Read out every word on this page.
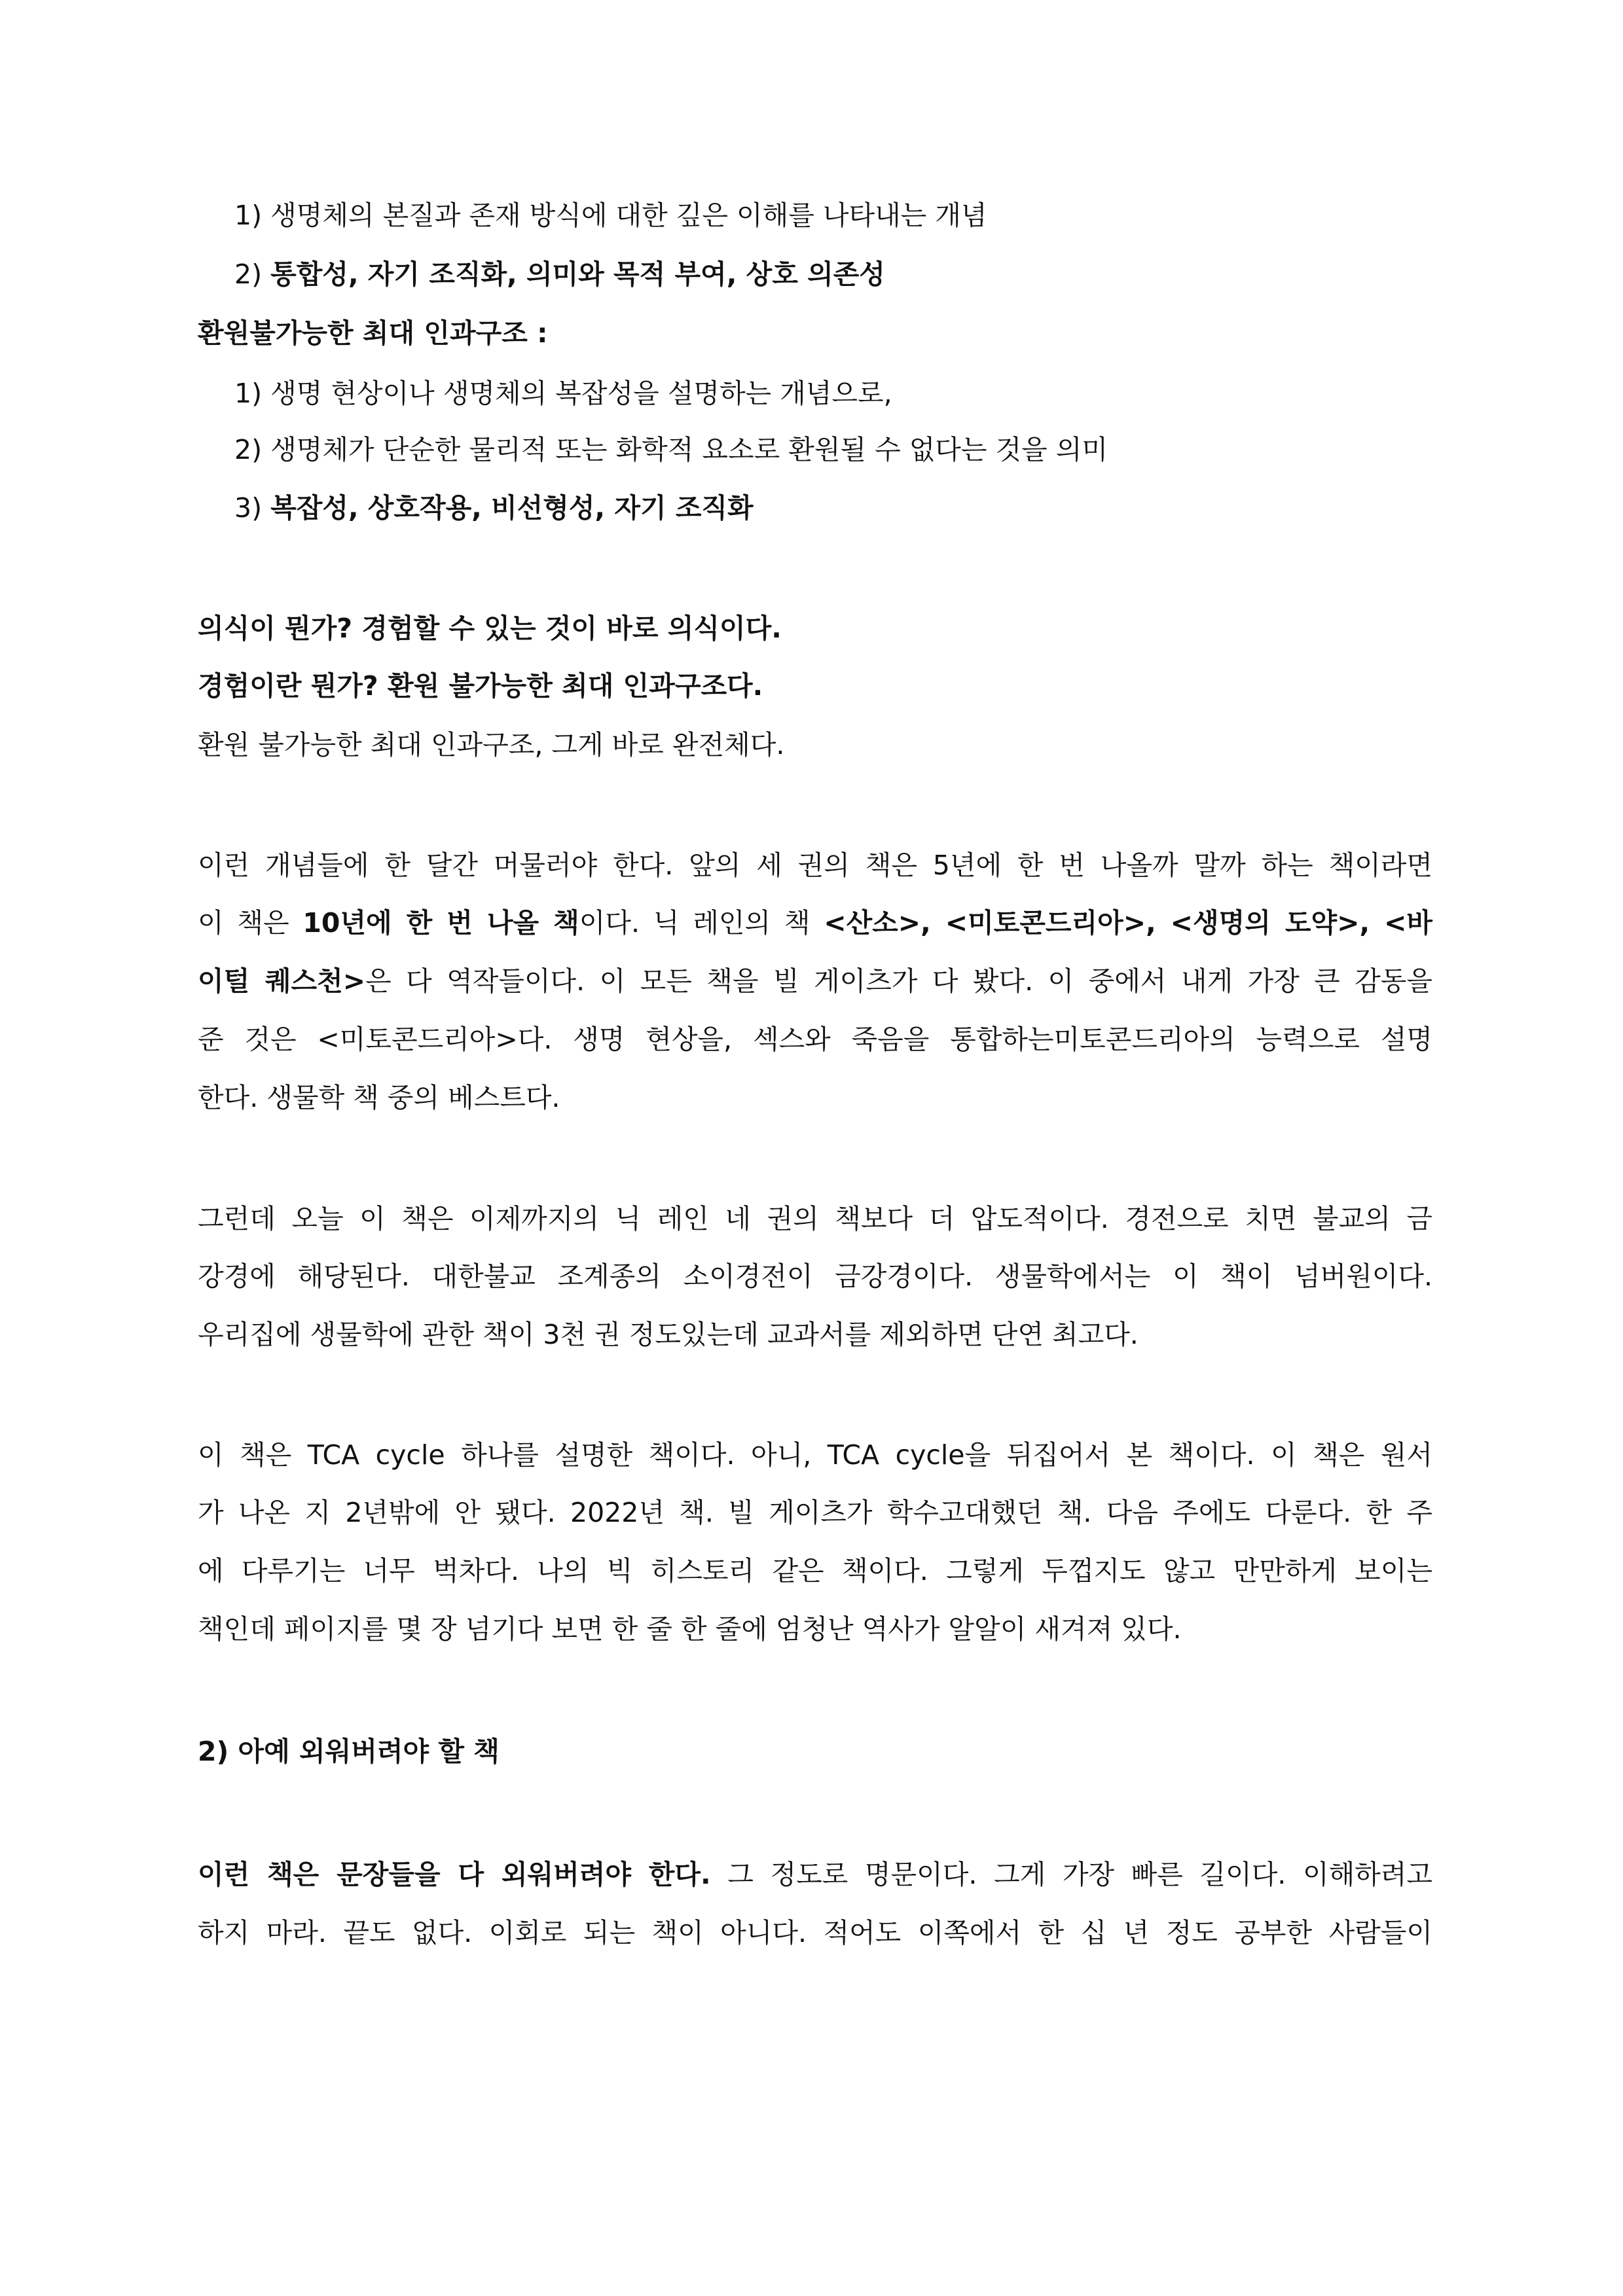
1) 생명체의 본질과 존재 방식에 대한 깊은 이해를 나타내는 개념
2) 통합성, 자기 조직화, 의미와 목적 부여, 상호 의존성
환원불가능한 최대 인과구조 :
1) 생명 현상이나 생명체의 복잡성을 설명하는 개념으로,
2) 생명체가 단순한 물리적 또는 화학적 요소로 환원될 수 없다는 것을 의미
3) 복잡성, 상호작용, 비선형성, 자기 조직화
의식이 뭔가? 경험할 수 있는 것이 바로 의식이다.
경험이란 뭔가? 환원 불가능한 최대 인과구조다.
환원 불가능한 최대 인과구조, 그게 바로 완전체다.
이런 개념들에 한 달간 머물러야 한다. 앞의 세 권의 책은 5년에 한 번 나올까 말까 하는 책이라면
이 책은 10년에 한 번 나올 책이다. 닉 레인의 책 <산소>, <미토콘드리아>, <생명의 도약>, <바
이털 퀘스천>은 다 역작들이다. 이 모든 책을 빌 게이츠가 다 봤다. 이 중에서 내게 가장 큰 감동을
준 것은 <미토콘드리아>다. 생명 현상을, 섹스와 죽음을 통합하는미토콘드리아의 능력으로 설명
한다. 생물학 책 중의 베스트다.
그런데 오늘 이 책은 이제까지의 닉 레인 네 권의 책보다 더 압도적이다. 경전으로 치면 불교의 금
강경에 해당된다. 대한불교 조계종의 소이경전이 금강경이다. 생물학에서는 이 책이 넘버원이다.
우리집에 생물학에 관한 책이 3천 권 정도있는데 교과서를 제외하면 단연 최고다.
이 책은 TCA cycle 하나를 설명한 책이다. 아니, TCA cycle을 뒤집어서 본 책이다. 이 책은 원서
가 나온 지 2년밖에 안 됐다. 2022년 책. 빌 게이츠가 학수고대했던 책. 다음 주에도 다룬다. 한 주
에 다루기는 너무 벅차다. 나의 빅 히스토리 같은 책이다. 그렇게 두껍지도 않고 만만하게 보이는
책인데 페이지를 몇 장 넘기다 보면 한 줄 한 줄에 엄청난 역사가 알알이 새겨져 있다.
2) 아예 외워버려야 할 책
이런 책은 문장들을 다 외워버려야 한다. 그 정도로 명문이다. 그게 가장 빠른 길이다. 이해하려고
하지 마라. 끝도 없다. 이회로 되는 책이 아니다. 적어도 이쪽에서 한 십 년 정도 공부한 사람들이
